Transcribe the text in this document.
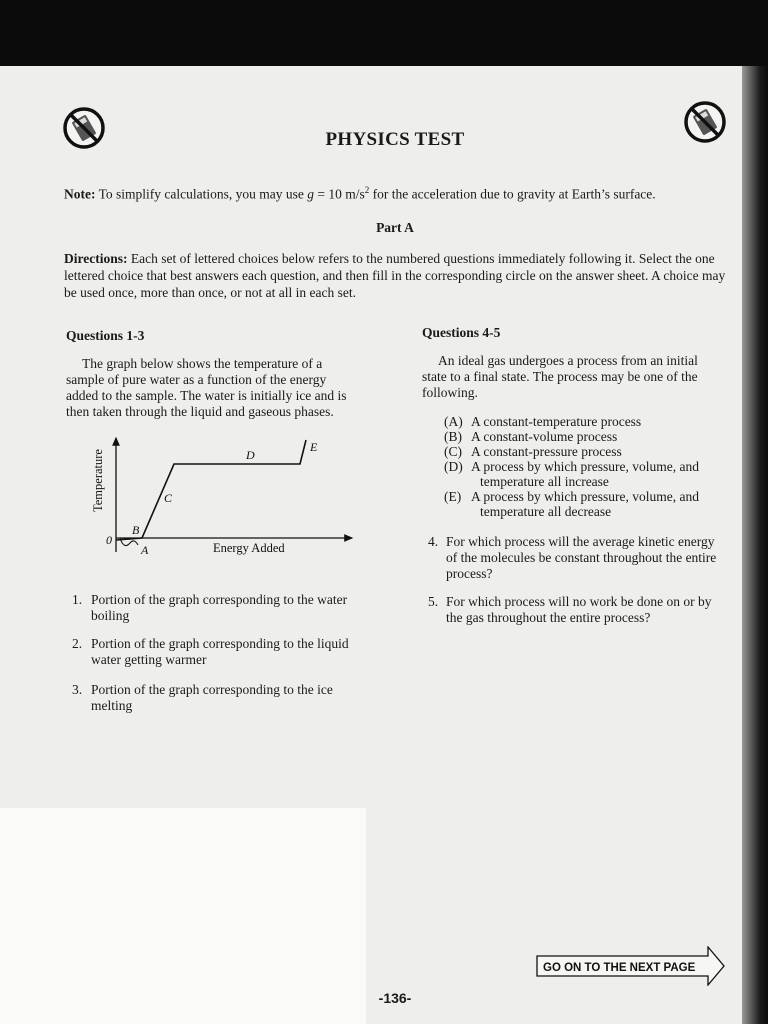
PHYSICS TEST
Note: To simplify calculations, you may use g = 10 $m/s^2$ for the acceleration due to gravity at Earth’s surface.
Part A
Directions: Each set of lettered choices below refers to the numbered questions immediately following it. Select the one lettered choice that best answers each question, and then fill in the corresponding circle on the answer sheet. A choice may be used once, more than once, or not at all in each set.
Questions 1-3
The graph below shows the temperature of a
sample of pure water as a function of the energy
added to the sample. The water is initially ice and is
then taken through the liquid and gaseous phases.
0
A
B
C
D
E
Energy Added
Temperature
1. Portion of the graph corresponding to the water
boiling
2. Portion of the graph corresponding to the liquid
water getting warmer
3. Portion of the graph corresponding to the ice
melting
Questions 4-5
An ideal gas undergoes a process from an initial
state to a final state. The process may be one of the
following.
(A) A constant-temperature process
(B) A constant-volume process
(C) A constant-pressure process
(D) A process by which pressure, volume, and
temperature all increase
(E) A process by which pressure, volume, and
temperature all decrease
4. For which process will the average kinetic energy
of the molecules be constant throughout the entire
process?
5. For which process will no work be done on or by
the gas throughout the entire process?
GO ON TO THE NEXT PAGE
-136-
